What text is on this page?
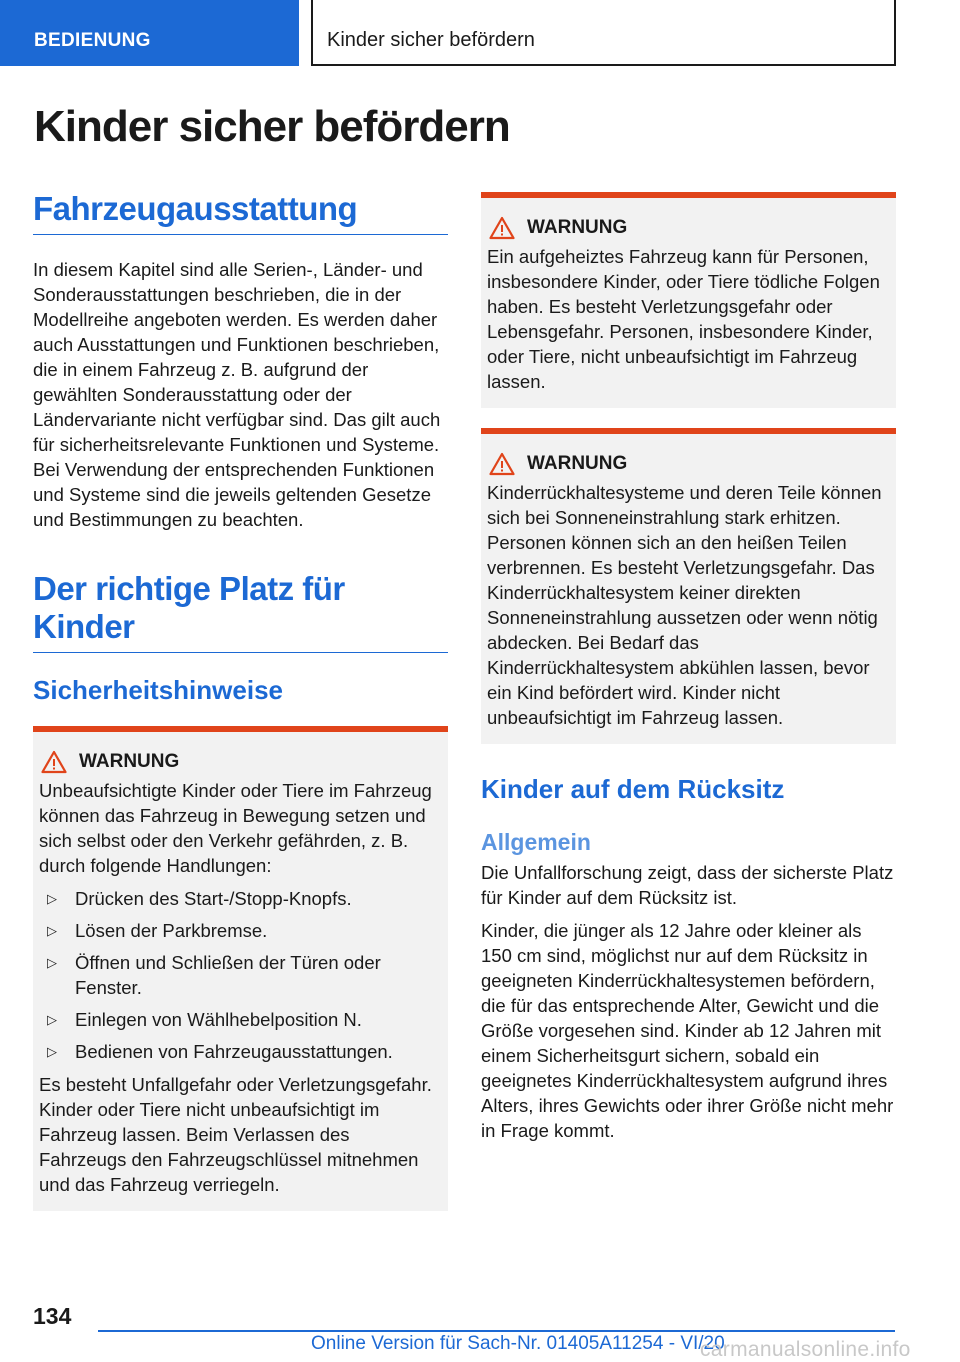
BEDIENUNG	Kinder sicher befördern
Kinder sicher befördern
Fahrzeugausstattung

In diesem Kapitel sind alle Serien-, Länder- und Sonderausstattungen beschrieben, die in der Modellreihe angeboten werden. Es werden daher auch Ausstattungen und Funktionen beschrieben, die in einem Fahrzeug z. B. aufgrund der gewählten Sonderausstattung oder der Ländervariante nicht verfügbar sind. Das gilt auch für sicherheitsrelevante Funktionen und Systeme. Bei Verwendung der entsprechenden Funktionen und Systeme sind die jeweils geltenden Gesetze und Bestimmungen zu beachten.

Der richtige Platz für Kinder
Sicherheitshinweise
WARNUNG

Unbeaufsichtigte Kinder oder Tiere im Fahrzeug können das Fahrzeug in Bewegung setzen und sich selbst oder den Verkehr gefährden, z. B. durch folgende Handlungen:

▷ Drücken des Start-/Stopp-Knopfs.
▷ Lösen der Parkbremse.
▷ Öffnen und Schließen der Türen oder Fenster.
▷ Einlegen von Wählhebelposition N.
▷ Bedienen von Fahrzeugausstattungen.

Es besteht Unfallgefahr oder Verletzungsgefahr. Kinder oder Tiere nicht unbeaufsichtigt im Fahrzeug lassen. Beim Verlassen des Fahrzeugs den Fahrzeugschlüssel mitnehmen und das Fahrzeug verriegeln.

WARNUNG

Ein aufgeheiztes Fahrzeug kann für Personen, insbesondere Kinder, oder Tiere tödliche Folgen haben. Es besteht Verletzungsgefahr oder Lebensgefahr. Personen, insbesondere Kinder, oder Tiere, nicht unbeaufsichtigt im Fahrzeug lassen.

WARNUNG

Kinderrückhaltesysteme und deren Teile können sich bei Sonneneinstrahlung stark erhitzen. Personen können sich an den heißen Teilen verbrennen. Es besteht Verletzungsgefahr. Das Kinderrückhaltesystem keiner direkten Sonneneinstrahlung aussetzen oder wenn nötig abdecken. Bei Bedarf das Kinderrückhaltesystem abkühlen lassen, bevor ein Kind befördert wird. Kinder nicht unbeaufsichtigt im Fahrzeug lassen.

Kinder auf dem Rücksitz
Allgemein

Die Unfallforschung zeigt, dass der sicherste Platz für Kinder auf dem Rücksitz ist.

Kinder, die jünger als 12 Jahre oder kleiner als 150 cm sind, möglichst nur auf dem Rücksitz in geeigneten Kinderrückhaltesystemen befördern, die für das entsprechende Alter, Gewicht und die Größe vorgesehen sind. Kinder ab 12 Jahren mit einem Sicherheitsgurt sichern, sobald ein geeignetes Kinderrückhaltesystem aufgrund ihres Alters, ihres Gewichts oder ihrer Größe nicht mehr in Frage kommt.

134
Online Version für Sach-Nr. 01405A11254 - VI/20
carmanualsonline.info
